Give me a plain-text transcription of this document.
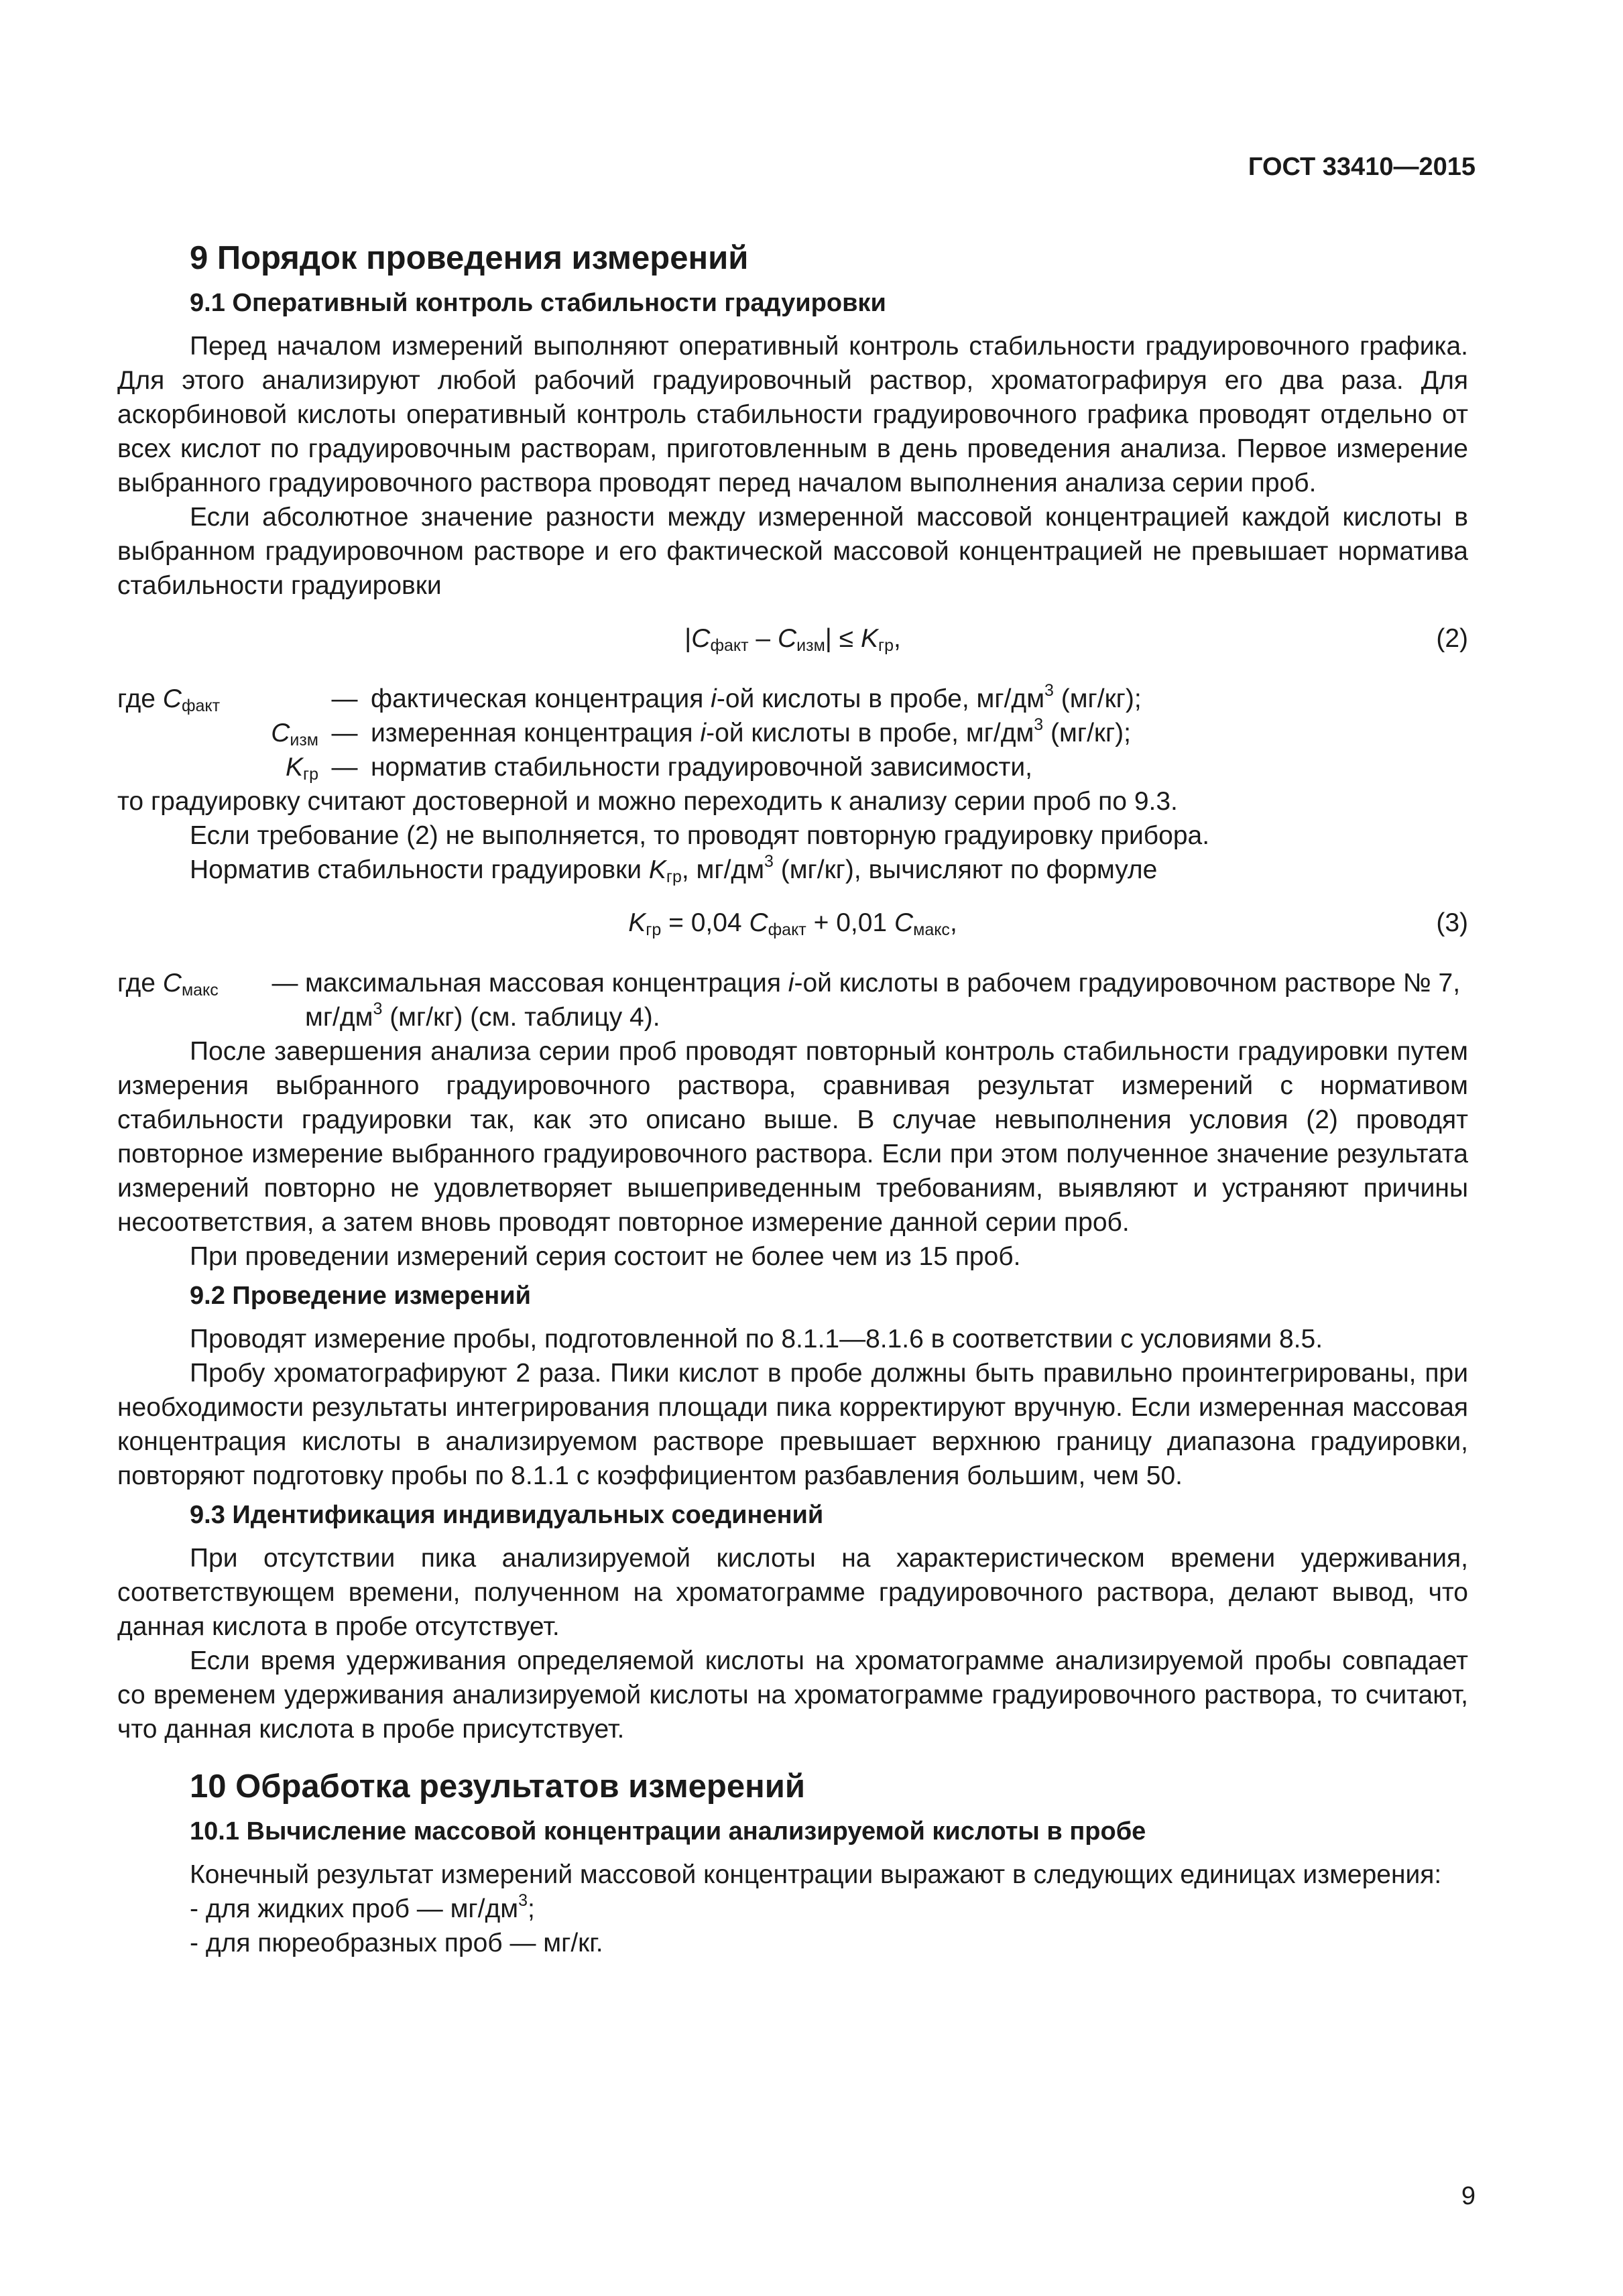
ГОСТ 33410—2015
9 Порядок проведения измерений
9.1 Оперативный контроль стабильности градуировки

Перед началом измерений выполняют оперативный контроль стабильности градуировочного графика. Для этого анализируют любой рабочий градуировочный раствор, хроматографируя его два раза. Для аскорбиновой кислоты оперативный контроль стабильности градуировочного графика проводят отдельно от всех кислот по градуировочным растворам, приготовленным в день проведения анализа. Первое измерение выбранного градуировочного раствора проводят перед началом выполнения анализа серии проб.

Если абсолютное значение разности между измеренной массовой концентрацией каждой кислоты в выбранном градуировочном растворе и его фактической массовой концентрацией не превышает норматива стабильности градуировки

$|C_{факт} - C_{изм}| \le K_{гр}$,	(2)
где $C_{факт}$	— фактическая концентрация i-ой кислоты в пробе, $мг/дм^3$ (мг/кг);
$C_{изм}$ — измеренная концентрация i-ой кислоты в пробе, $мг/дм^3$ (мг/кг);
$K_{гр}$ — норматив стабильности градуировочной зависимости,

то градуировку считают достоверной и можно переходить к анализу серии проб по 9.3.

Если требование (2) не выполняется, то проводят повторную градуировку прибора.

Норматив стабильности градуировки $K_{гр}$, $мг/дм^3$ (мг/кг), вычисляют по формуле

$K_{гр} = 0,04$ $C_{факт} + 0,01$ $C_{макс}$,	(3)
где $C_{макс}$	— максимальная массовая концентрация i-ой кислоты в рабочем градуировочном растворе № 7,
$мг/дм^3$ (мг/кг) (см. таблицу 4).

После завершения анализа серии проб проводят повторный контроль стабильности градуировки путем измерения выбранного градуировочного раствора, сравнивая результат измерений с нормативом стабильности градуировки так, как это описано выше. В случае невыполнения условия (2) проводят повторное измерение выбранного градуировочного раствора. Если при этом полученное значение результата измерений повторно не удовлетворяет вышеприведенным требованиям, выявляют и устраняют причины несоответствия, а затем вновь проводят повторное измерение данной серии проб.

При проведении измерений серия состоит не более чем из 15 проб.

9.2 Проведение измерений

Проводят измерение пробы, подготовленной по 8.1.1—8.1.6 в соответствии с условиями 8.5.

Пробу хроматографируют 2 раза. Пики кислот в пробе должны быть правильно проинтегрированы, при необходимости результаты интегрирования площади пика корректируют вручную. Если измеренная массовая концентрация кислоты в анализируемом растворе превышает верхнюю границу диапазона градуировки, повторяют подготовку пробы по 8.1.1 с коэффициентом разбавления большим, чем 50.

9.3 Идентификация индивидуальных соединений

При отсутствии пика анализируемой кислоты на характеристическом времени удерживания, соответствующем времени, полученном на хроматограмме градуировочного раствора, делают вывод, что данная кислота в пробе отсутствует.

Если время удерживания определяемой кислоты на хроматограмме анализируемой пробы совпадает со временем удерживания анализируемой кислоты на хроматограмме градуировочного раствора, то считают, что данная кислота в пробе присутствует.

10 Обработка результатов измерений
10.1 Вычисление массовой концентрации анализируемой кислоты в пробе

Конечный результат измерений массовой концентрации выражают в следующих единицах измерения:

- для жидких проб — $мг/дм^3$;

- для пюреобразных проб — мг/кг.

9
